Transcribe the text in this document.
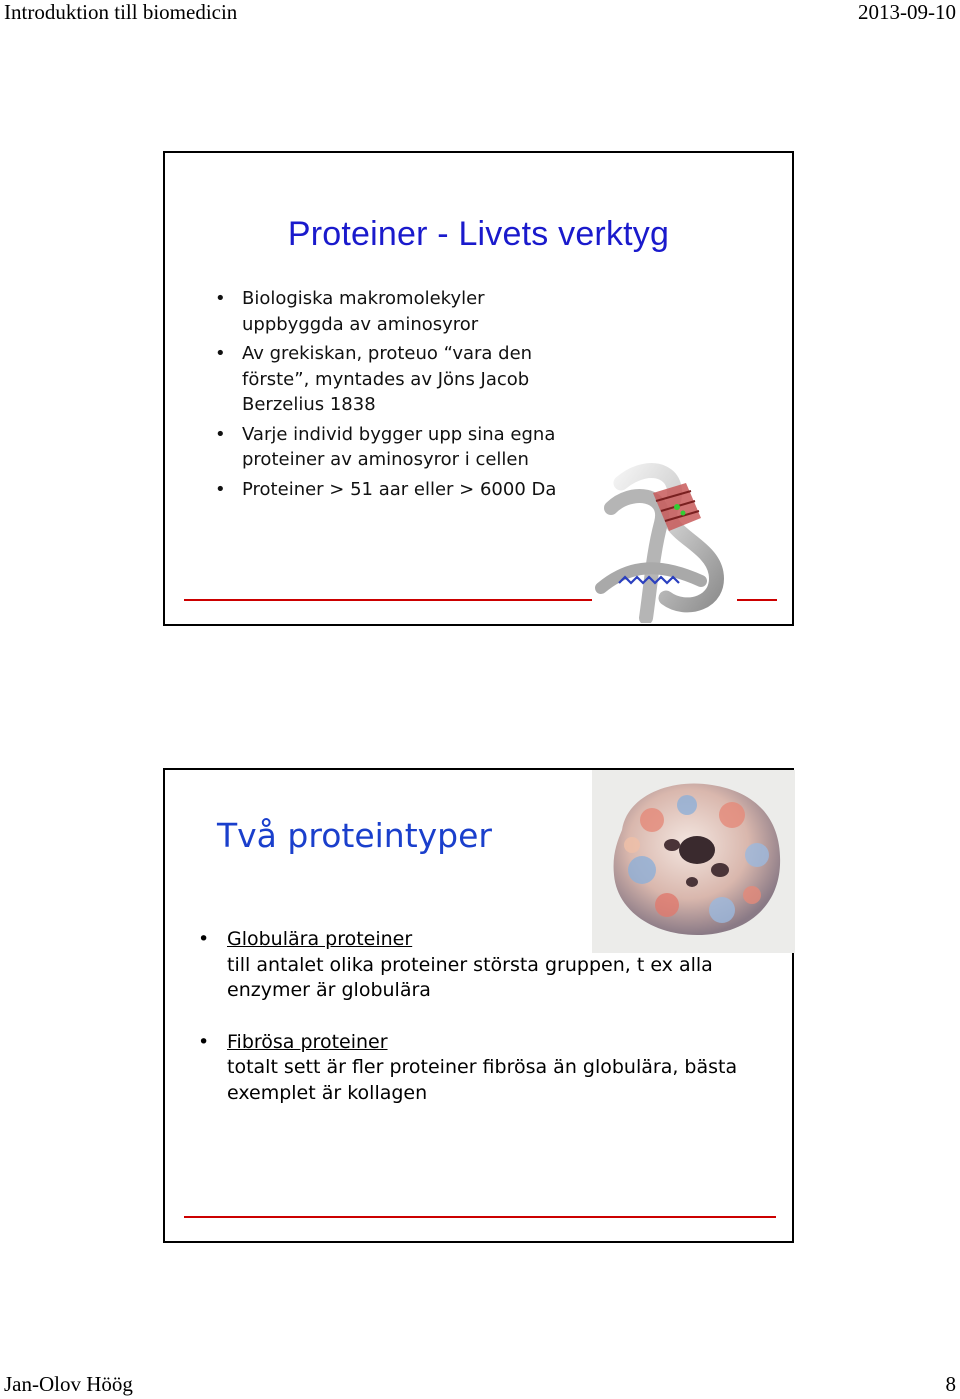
Introduktion till biomedicin	2013-09-10
Proteiner - Livets verktyg
• Biologiska makromolekyler uppbyggda av aminosyror
• Av grekiskan, proteuo “vara den förste”, myntades av Jöns Jacob Berzelius 1838
• Varje individ bygger upp sina egna proteiner av aminosyror i cellen
• Proteiner > 51 aar eller > 6000 Da
Två proteintyper
• Globulära proteiner
till antalet olika proteiner största gruppen, t ex alla enzymer är globulära
• Fibrösa proteiner
totalt sett är fler proteiner fibrösa än globulära, bästa exemplet är kollagen
Jan-Olov Höög	8
